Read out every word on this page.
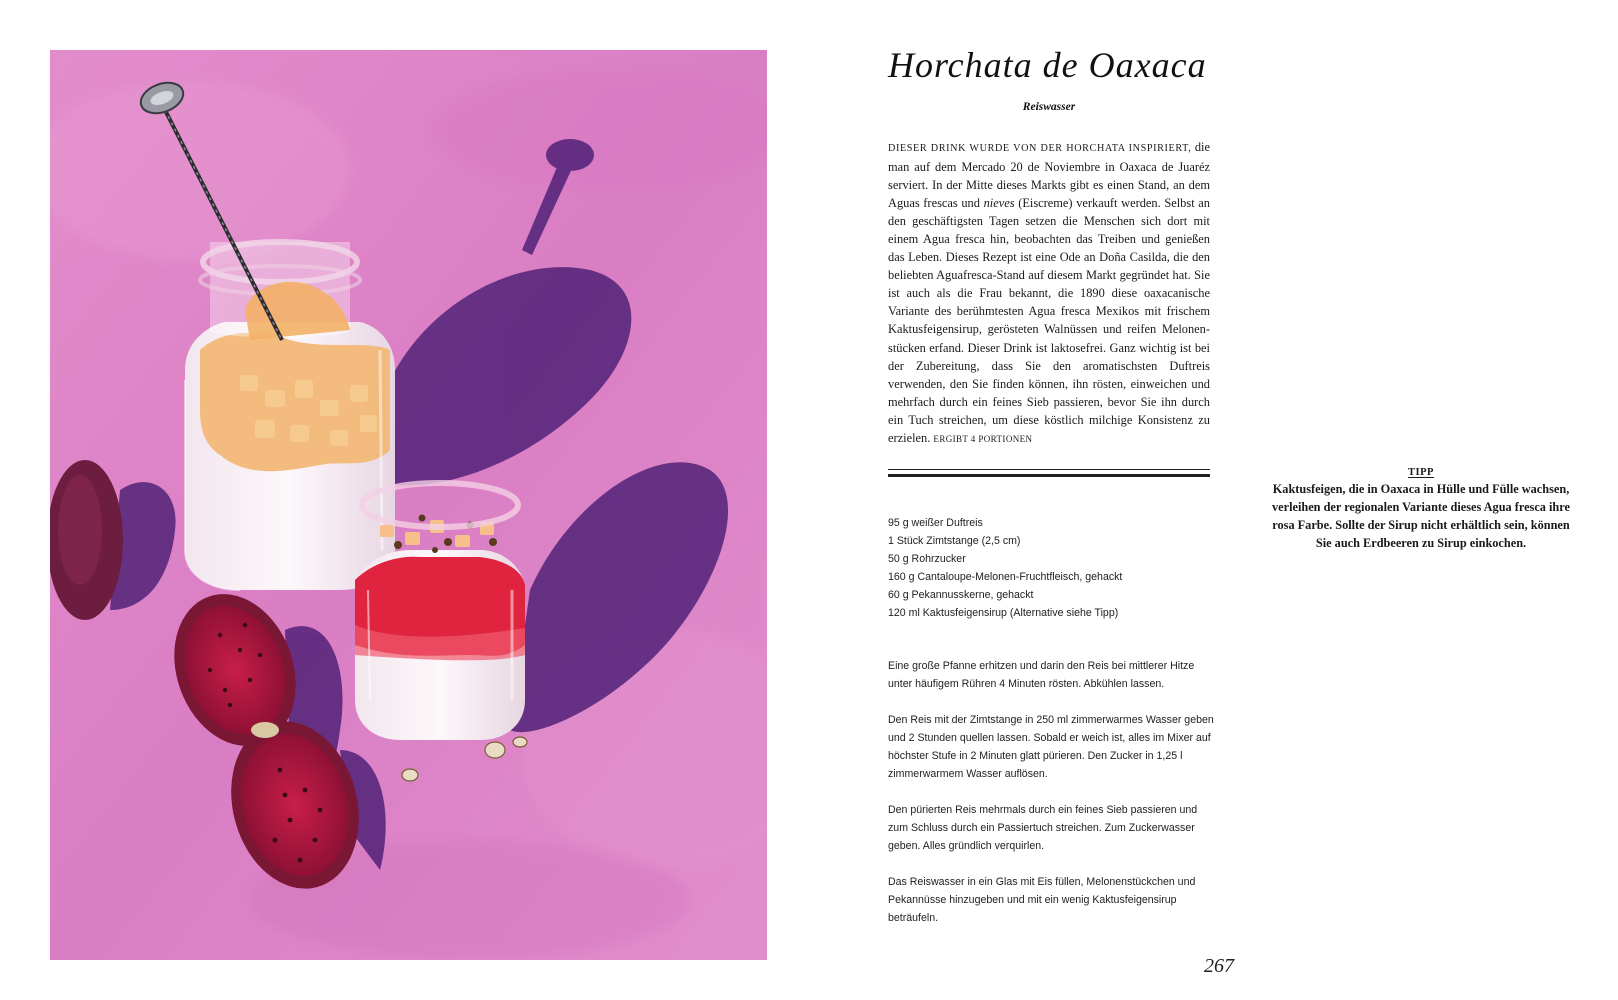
Horchata de Oaxaca
Reiswasser

DIESER DRINK WURDE VON DER HORCHATA INSPIRIERT, die man auf dem Mercado 20 de Noviembre in Oaxaca de Juaréz serviert. In der Mitte dieses Markts gibt es einen Stand, an dem Aguas frescas und nieves (Eiscreme) verkauft werden. Selbst an den geschäftigsten Tagen setzen die Menschen sich dort mit einem Agua fresca hin, beobachten das Treiben und genießen das Leben. Dieses Rezept ist eine Ode an Doña Casilda, die den beliebten Aguafresca-Stand auf diesem Markt gegründet hat. Sie ist auch als die Frau bekannt, die 1890 diese oaxacanische Variante des berühmtesten Agua fresca Mexikos mit frischem Kaktusfeigensirup, gerösteten Walnüssen und reifen Melonenstücken erfand. Dieser Drink ist laktosefrei. Ganz wichtig ist bei der Zubereitung, dass Sie den aromatischsten Duftreis verwenden, den Sie finden können, ihn rösten, einweichen und mehrfach durch ein feines Sieb passieren, bevor Sie ihn durch ein Tuch streichen, um diese köstlich milchige Konsistenz zu erzielen. ERGIBT 4 PORTIONEN

TIPP

Kaktusfeigen, die in Oaxaca in Hülle und Fülle wachsen, verleihen der regionalen Variante dieses Agua fresca ihre rosa Farbe. Sollte der Sirup nicht erhältlich sein, können Sie auch Erdbeeren zu Sirup einkochen.

95 g weißer Duftreis
1 Stück Zimtstange (2,5 cm)
50 g Rohrzucker
160 g Cantaloupe-Melonen-Fruchtfleisch, gehackt
60 g Pekannusskerne, gehackt
120 ml Kaktusfeigensirup (Alternative siehe Tipp)

Eine große Pfanne erhitzen und darin den Reis bei mittlerer Hitze unter häufigem Rühren 4 Minuten rösten. Abkühlen lassen.

Den Reis mit der Zimtstange in 250 ml zimmerwarmes Wasser geben und 2 Stunden quellen lassen. Sobald er weich ist, alles im Mixer auf höchster Stufe in 2 Minuten glatt pürieren. Den Zucker in 1,25 l zimmerwarmem Wasser auflösen.

Den pürierten Reis mehrmals durch ein feines Sieb passieren und zum Schluss durch ein Passiertuch streichen. Zum Zuckerwasser geben. Alles gründlich verquirlen.

Das Reiswasser in ein Glas mit Eis füllen, Melonenstückchen und Pekannüsse hinzugeben und mit ein wenig Kaktusfeigensirup beträufeln.

267
